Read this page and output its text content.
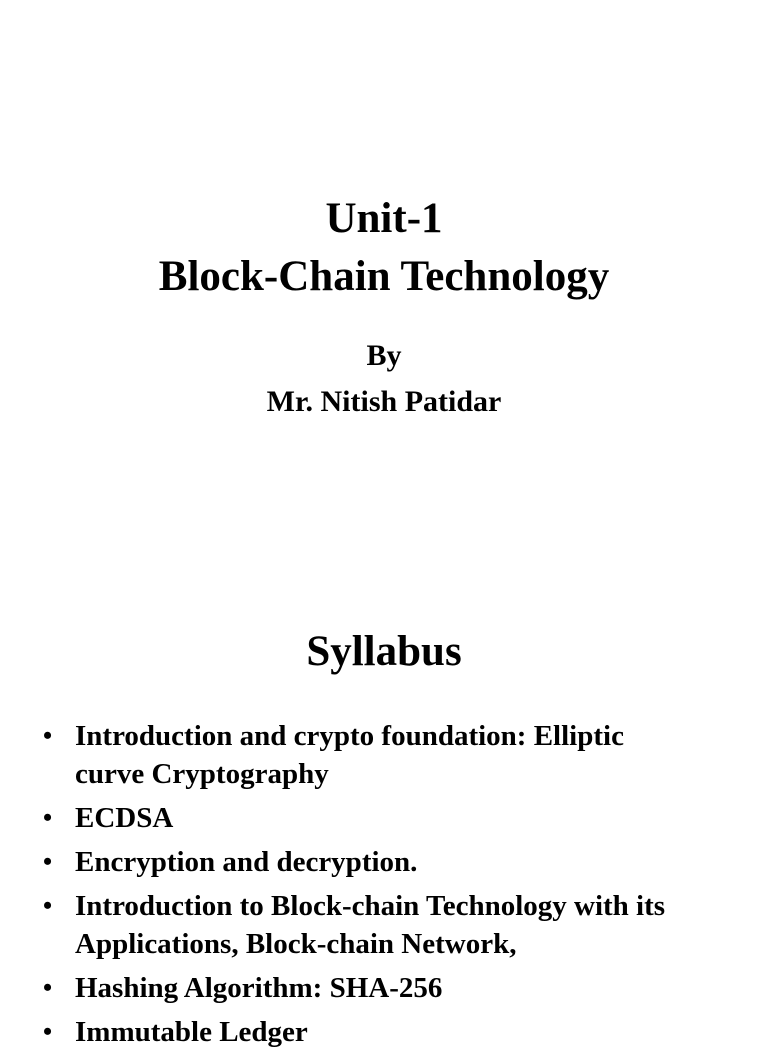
Unit-1
Block-Chain Technology
By
Mr. Nitish Patidar
Syllabus
• Introduction and crypto foundation: Elliptic curve Cryptography
• ECDSA
• Encryption and decryption.
• Introduction to Block-chain Technology with its Applications, Block-chain Network,
• Hashing Algorithm: SHA-256
• Immutable Ledger
